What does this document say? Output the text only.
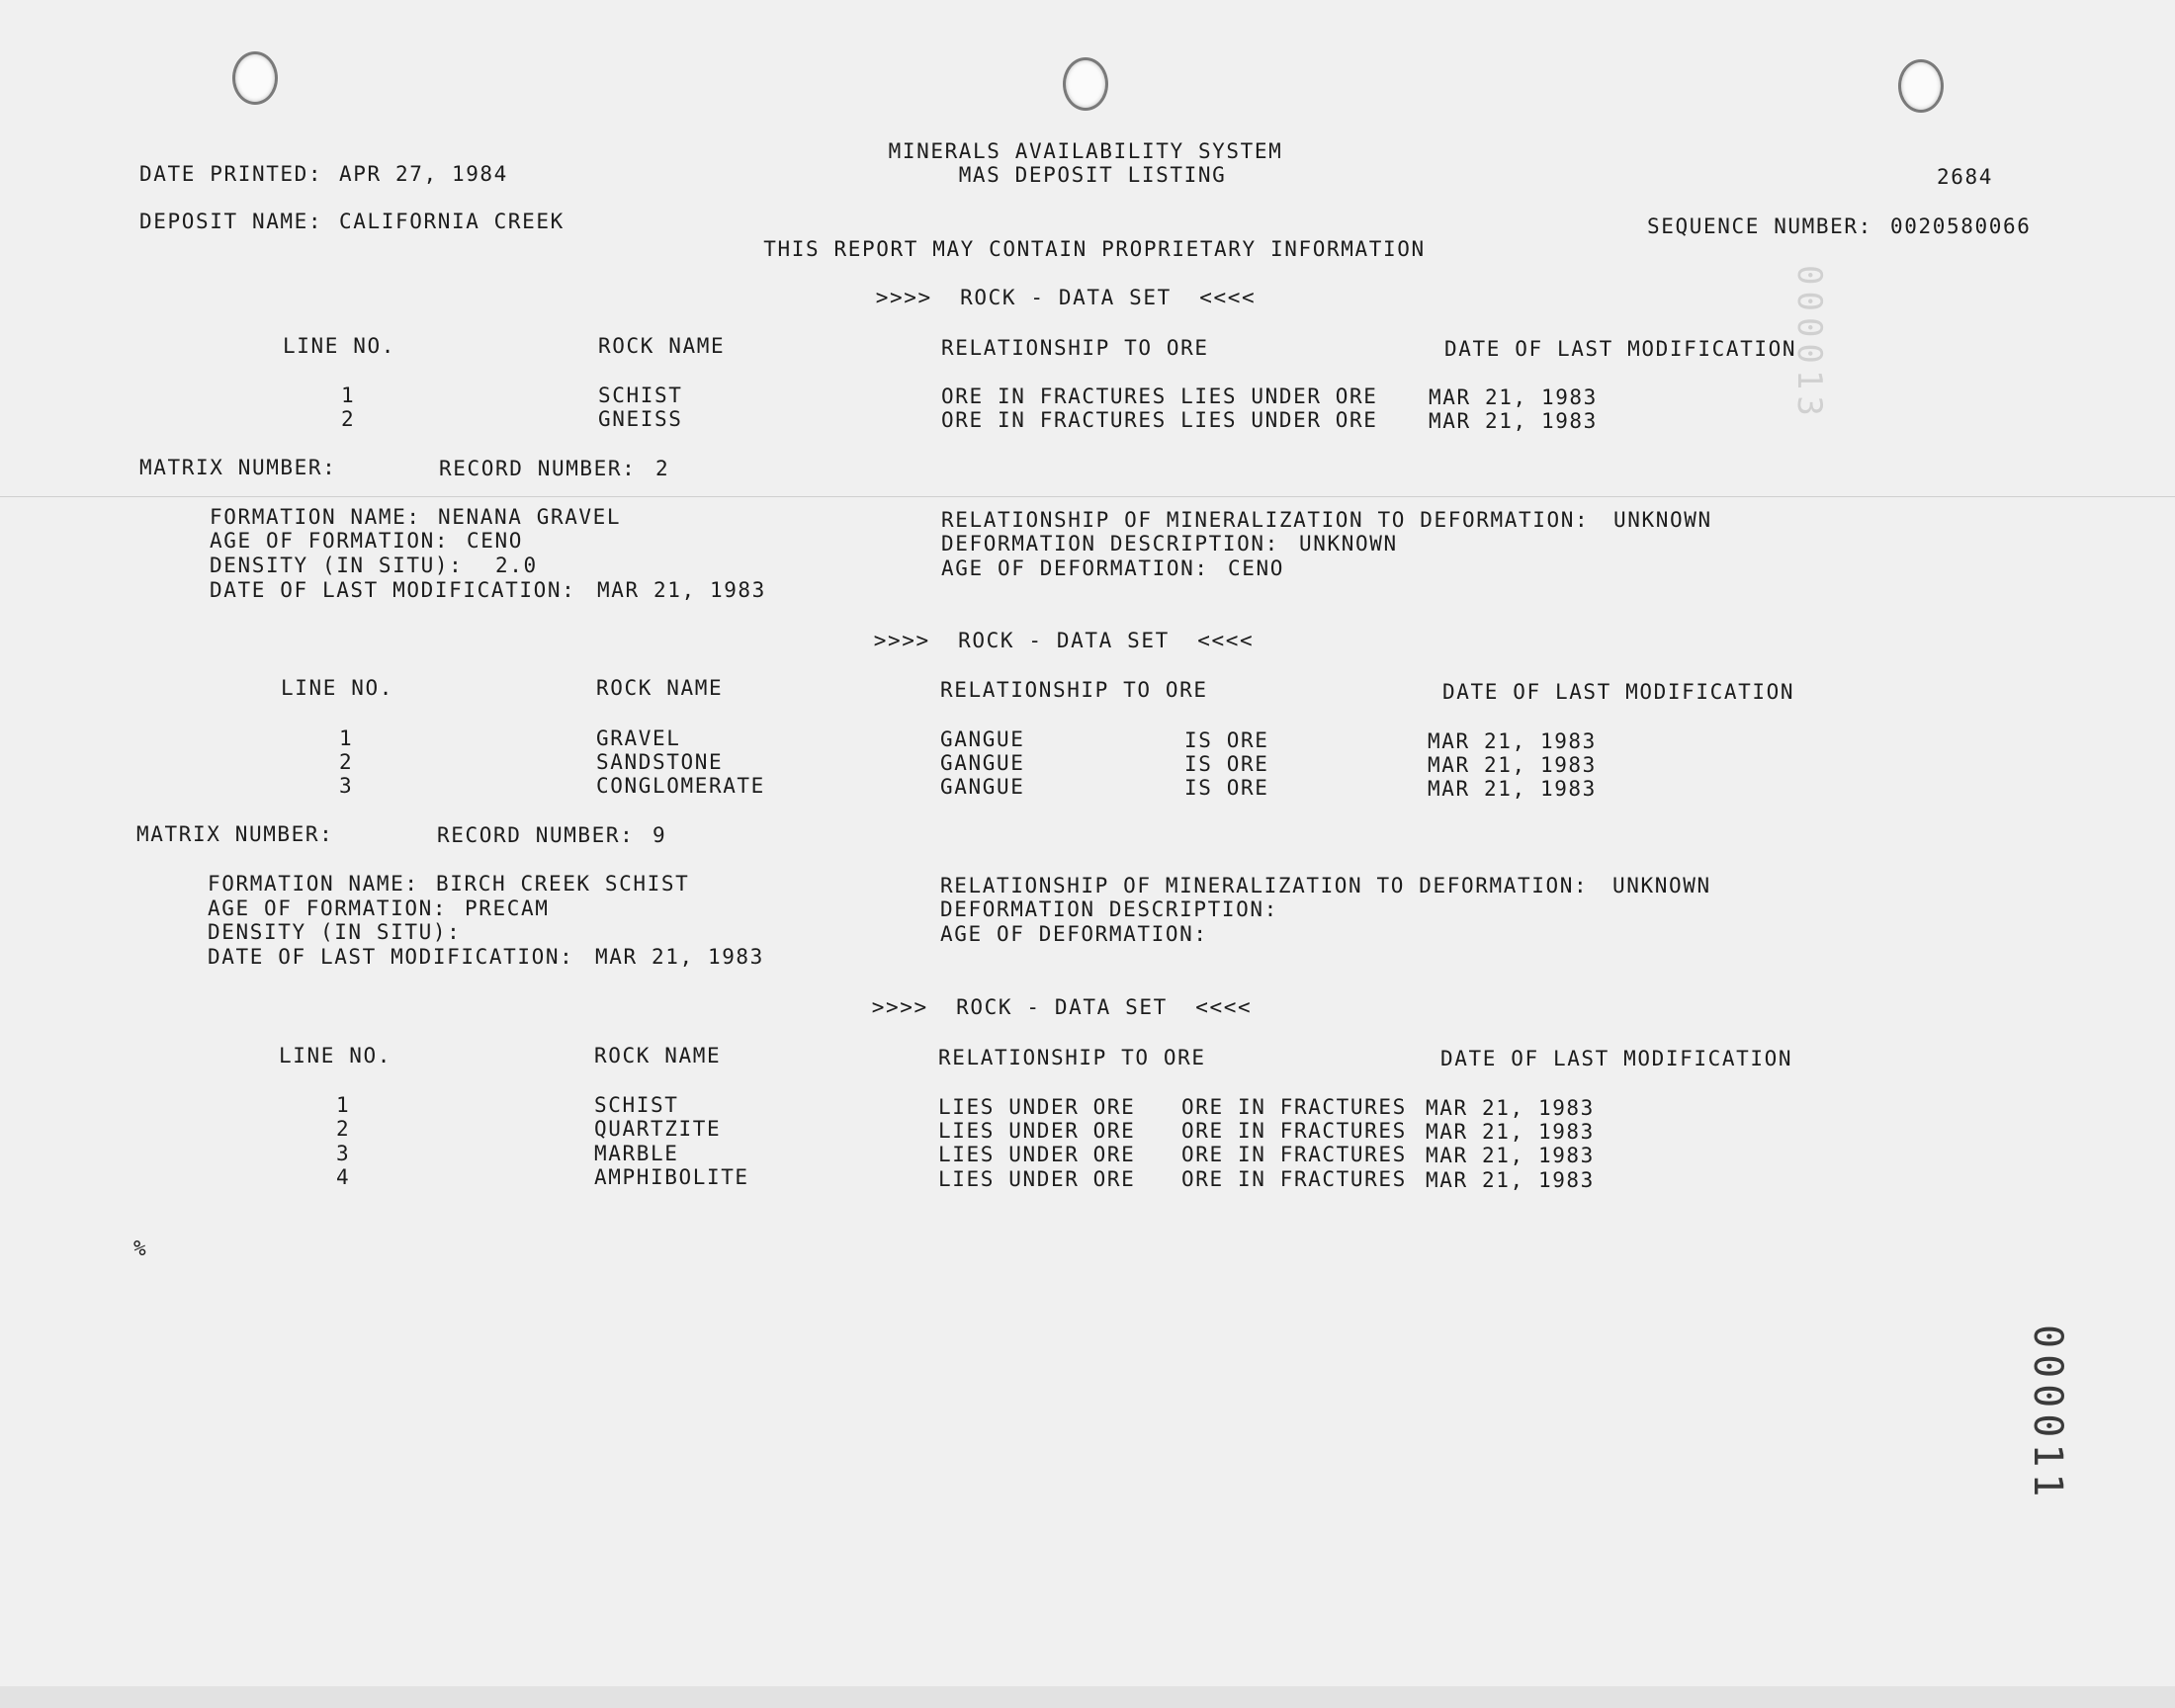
MINERALS AVAILABILITY SYSTEM
MAS DEPOSIT LISTING
DATE PRINTED: APR 27, 1984	2684
DEPOSIT NAME: CALIFORNIA CREEK	SEQUENCE NUMBER: 0020580066
THIS REPORT MAY CONTAIN PROPRIETARY INFORMATION
>>>>  ROCK - DATA SET  <<<<
LINE NO.	ROCK NAME	RELATIONSHIP TO ORE	DATE OF LAST MODIFICATION
1	SCHIST	ORE IN FRACTURES LIES UNDER ORE MAR 21, 1983
2	GNEISS	ORE IN FRACTURES LIES UNDER ORE MAR 21, 1983
MATRIX NUMBER:	RECORD NUMBER: 2
FORMATION NAME: NENANA GRAVEL
AGE OF FORMATION: CENO
DENSITY (IN SITU): 2.0
DATE OF LAST MODIFICATION: MAR 21, 1983
RELATIONSHIP OF MINERALIZATION TO DEFORMATION: UNKNOWN
DEFORMATION DESCRIPTION: UNKNOWN
AGE OF DEFORMATION: CENO
>>>>  ROCK - DATA SET  <<<<
LINE NO.	ROCK NAME	RELATIONSHIP TO ORE	DATE OF LAST MODIFICATION
1	GRAVEL	GANGUE	IS ORE	MAR 21, 1983
2	SANDSTONE	GANGUE	IS ORE	MAR 21, 1983
3	CONGLOMERATE	GANGUE	IS ORE	MAR 21, 1983
MATRIX NUMBER:	RECORD NUMBER: 9
FORMATION NAME: BIRCH CREEK SCHIST
AGE OF FORMATION: PRECAM
DENSITY (IN SITU):
DATE OF LAST MODIFICATION: MAR 21, 1983
RELATIONSHIP OF MINERALIZATION TO DEFORMATION: UNKNOWN
DEFORMATION DESCRIPTION:
AGE OF DEFORMATION:
>>>>  ROCK - DATA SET  <<<<
LINE NO.	ROCK NAME	RELATIONSHIP TO ORE	DATE OF LAST MODIFICATION
1	SCHIST	LIES UNDER ORE ORE IN FRACTURES MAR 21, 1983
2	QUARTZITE	LIES UNDER ORE ORE IN FRACTURES MAR 21, 1983
3	MARBLE	LIES UNDER ORE ORE IN FRACTURES MAR 21, 1983
4	AMPHIBOLITE	LIES UNDER ORE ORE IN FRACTURES MAR 21, 1983
%
000013
000011
